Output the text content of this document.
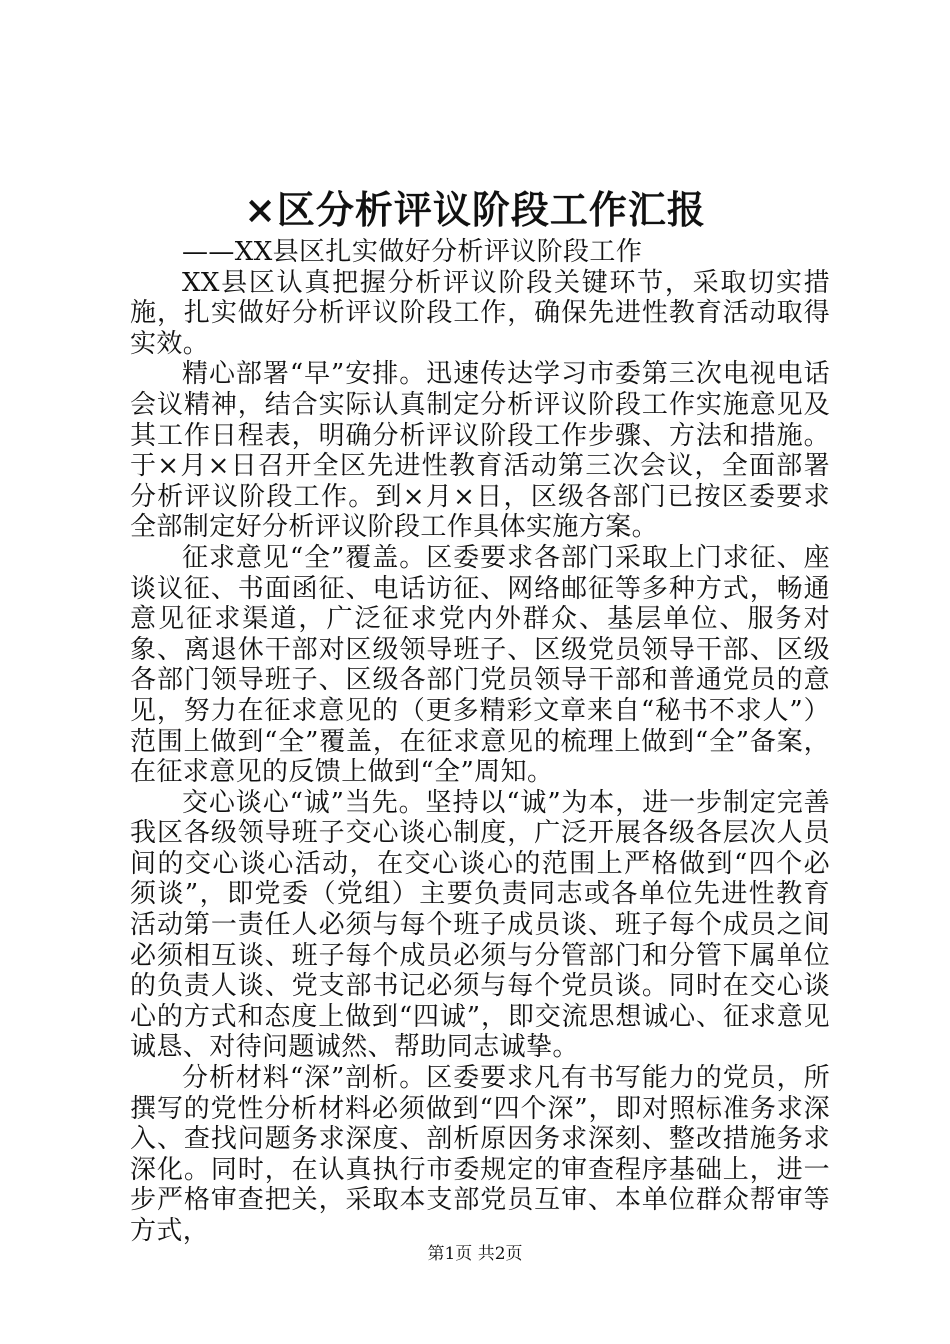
×区分析评议阶段工作汇报

——XX县区扎实做好分析评议阶段工作

XX县区认真把握分析评议阶段关键环节，采取切实措施，扎实做好分析评议阶段工作，确保先进性教育活动取得实效。

精心部署“早”安排。迅速传达学习市委第三次电视电话会议精神，结合实际认真制定分析评议阶段工作实施意见及其工作日程表，明确分析评议阶段工作步骤、方法和措施。于×月×日召开全区先进性教育活动第三次会议，全面部署分析评议阶段工作。到×月×日，区级各部门已按区委要求全部制定好分析评议阶段工作具体实施方案。

征求意见“全”覆盖。区委要求各部门采取上门求征、座谈议征、书面函征、电话访征、网络邮征等多种方式，畅通意见征求渠道，广泛征求党内外群众、基层单位、服务对象、离退休干部对区级领导班子、区级党员领导干部、区级各部门领导班子、区级各部门党员领导干部和普通党员的意见，努力在征求意见的（更多精彩文章来自“秘书不求人”）范围上做到“全”覆盖，在征求意见的梳理上做到“全”备案，在征求意见的反馈上做到“全”周知。

交心谈心“诚”当先。坚持以“诚”为本，进一步制定完善我区各级领导班子交心谈心制度，广泛开展各级各层次人员间的交心谈心活动，在交心谈心的范围上严格做到“四个必须谈”，即党委（党组）主要负责同志或各单位先进性教育活动第一责任人必须与每个班子成员谈、班子每个成员之间必须相互谈、班子每个成员必须与分管部门和分管下属单位的负责人谈、党支部书记必须与每个党员谈。同时在交心谈心的方式和态度上做到“四诚”，即交流思想诚心、征求意见诚恳、对待问题诚然、帮助同志诚挚。

分析材料“深”剖析。区委要求凡有书写能力的党员，所撰写的党性分析材料必须做到“四个深”，即对照标准务求深入、查找问题务求深度、剖析原因务求深刻、整改措施务求深化。同时，在认真执行市委规定的审查程序基础上，进一步严格审查把关，采取本支部党员互审、本单位群众帮审等方式，

第1页 共2页
